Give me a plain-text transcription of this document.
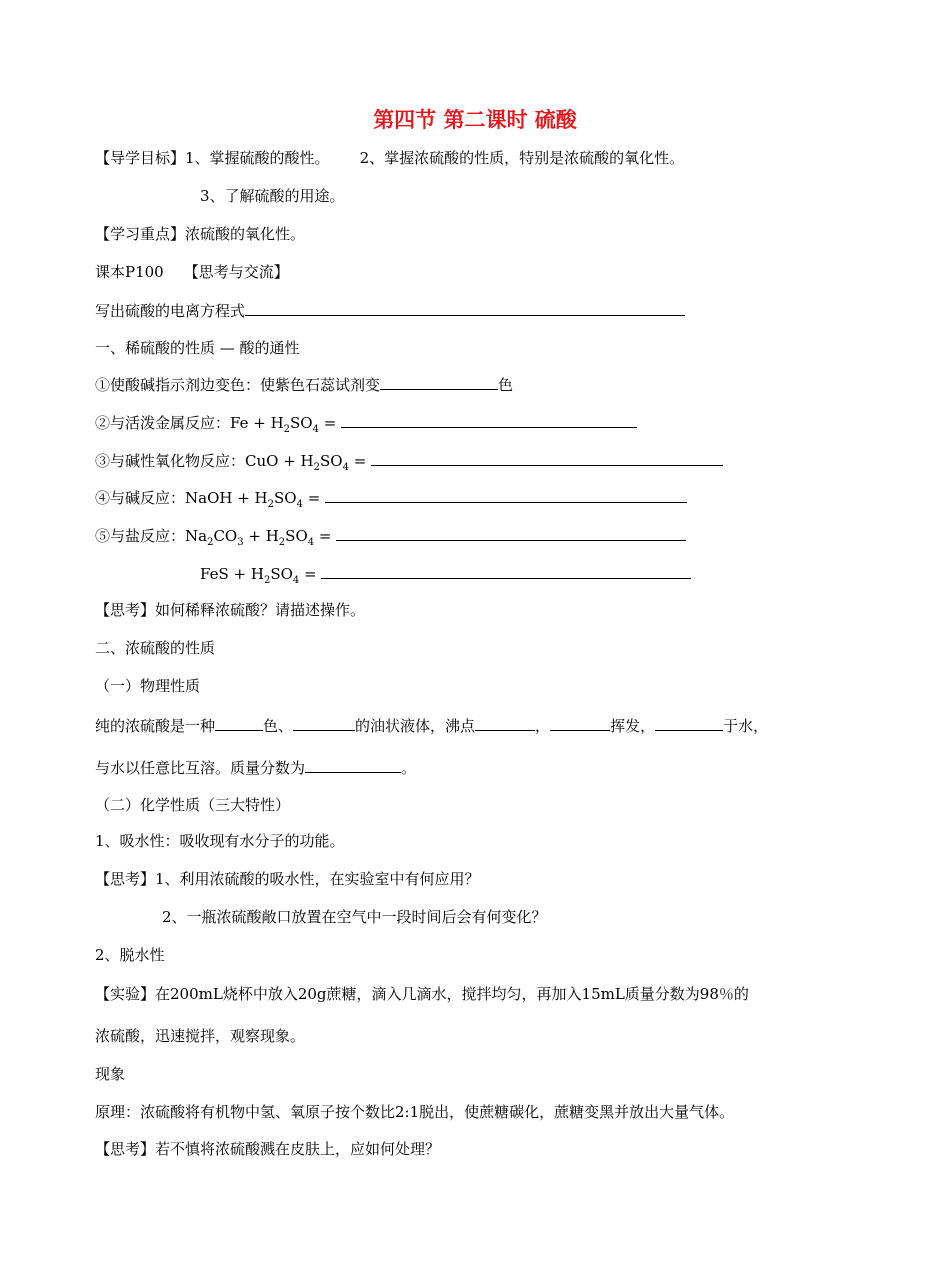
第四节 第二课时 硫酸
【导学目标】1、掌握硫酸的酸性。 2、掌握浓硫酸的性质，特别是浓硫酸的氧化性。
3、了解硫酸的用途。
【学习重点】浓硫酸的氧化性。
课本P100 【思考与交流】
写出硫酸的电离方程式
一、稀硫酸的性质 — 酸的通性
①使酸碱指示剂边变色：使紫色石蕊试剂变	色
②与活泼金属反应：$Fe + H_2SO_4$ =
③与碱性氧化物反应：CuO + $H_2SO_4$ =
④与碱反应：NaOH + $H_2SO_4$ =
⑤与盐反应：$Na_2CO_3 + H_2SO_4$ =
FeS + $H_2SO_4$ =
【思考】如何稀释浓硫酸？请描述操作。
二、浓硫酸的性质
（一）物理性质
纯的浓硫酸是一种	色、	的油状液体，沸点	，	挥发，	于水，
与水以任意比互溶。质量分数为	。
（二）化学性质（三大特性）
1、吸水性：吸收现有水分子的功能。
【思考】1、利用浓硫酸的吸水性，在实验室中有何应用？
2、一瓶浓硫酸敞口放置在空气中一段时间后会有何变化？
2、脱水性
【实验】在200mL烧杯中放入20g蔗糖，滴入几滴水，搅拌均匀，再加入15mL质量分数为98％的
浓硫酸，迅速搅拌，观察现象。
现象
原理：浓硫酸将有机物中氢、氧原子按个数比2:1脱出，使蔗糖碳化，蔗糖变黑并放出大量气体。
【思考】若不慎将浓硫酸溅在皮肤上，应如何处理？
